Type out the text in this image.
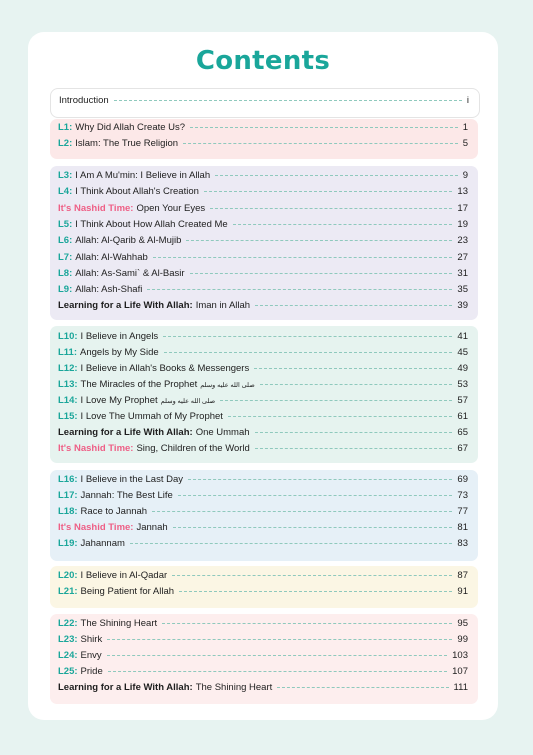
Contents
Introduction	i
L1: Why Did Allah Create Us?	1
L2: Islam: The True Religion	5
L3: I Am A Mu'min: I Believe in Allah	9
L4: I Think About Allah's Creation	13
It's Nashid Time: Open Your Eyes	17
L5: I Think About How Allah Created Me	19
L6: Allah: Al-Qarib & Al-Mujib	23
L7: Allah: Al-Wahhab	27
L8: Allah: As-Sami` & Al-Basir	31
L9: Allah: Ash-Shafi	35
Learning for a Life With Allah: Iman in Allah	39
L10: I Believe in Angels	41
L11: Angels by My Side	45
L12: I Believe in Allah's Books & Messengers	49
L13: The Miracles of the Prophet صلى الله عليه وسلم	53
L14: I Love My Prophet صلى الله عليه وسلم	57
L15: I Love The Ummah of My Prophet	61
Learning for a Life With Allah: One Ummah	65
It's Nashid Time: Sing, Children of the World	67
L16: I Believe in the Last Day	69
L17: Jannah: The Best Life	73
L18: Race to Jannah	77
It's Nashid Time: Jannah	81
L19: Jahannam	83
L20: I Believe in Al-Qadar	87
L21: Being Patient for Allah	91
L22: The Shining Heart	95
L23: Shirk	99
L24: Envy	103
L25: Pride	107
Learning for a Life With Allah: The Shining Heart	111
